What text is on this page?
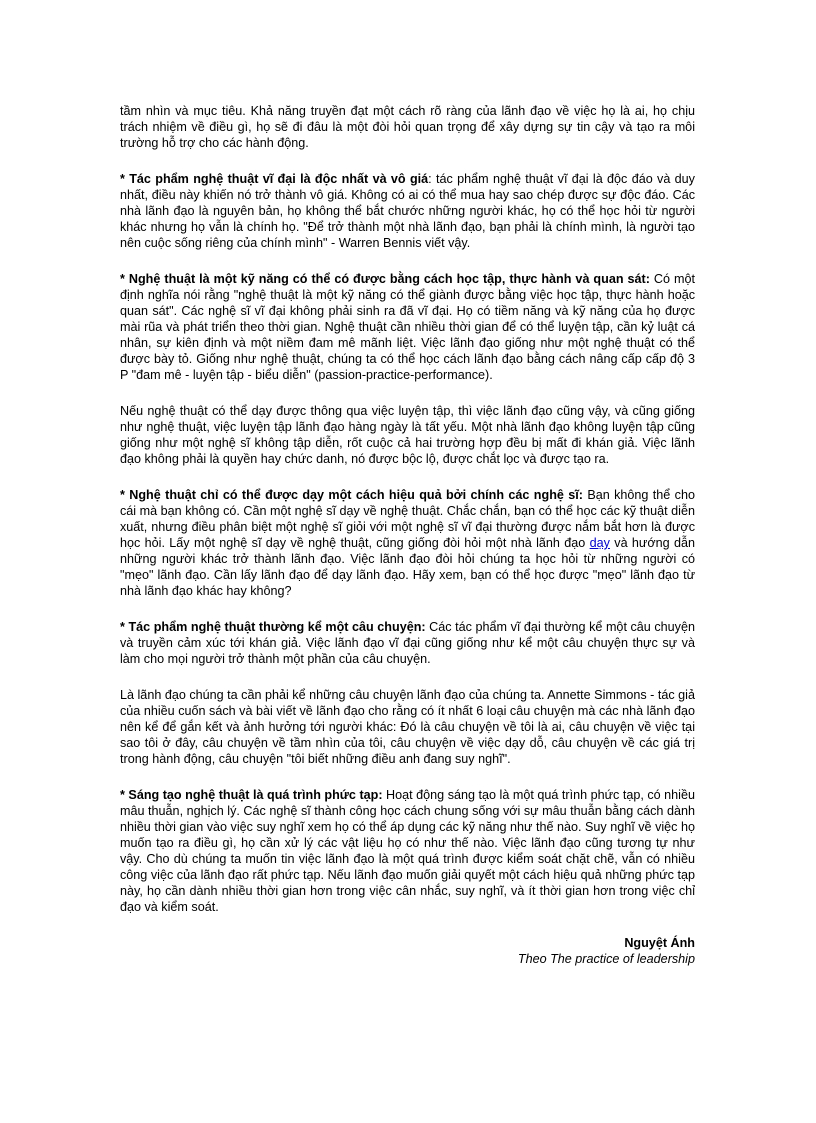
tầm nhìn và mục tiêu. Khả năng truyền đạt một cách rõ ràng của lãnh đạo về việc họ là ai, họ chịu trách nhiệm về điều gì, họ sẽ đi đâu là một đòi hỏi quan trọng để xây dựng sự tin cậy và tạo ra môi trường hỗ trợ cho các hành động.

* Tác phẩm nghệ thuật vĩ đại là độc nhất và vô giá: tác phẩm nghệ thuật vĩ đại là độc đáo và duy nhất, điều này khiến nó trở thành vô giá. Không có ai có thể mua hay sao chép được sự độc đáo. Các nhà lãnh đạo là nguyên bản, họ không thể bắt chước những người khác, họ có thể học hỏi từ người khác nhưng họ vẫn là chính họ. "Để trở thành một nhà lãnh đạo, bạn phải là chính mình, là người tạo nên cuộc sống riêng của chính mình" - Warren Bennis viết vậy.

* Nghệ thuật là một kỹ năng có thể có được bằng cách học tập, thực hành và quan sát: Có một định nghĩa nói rằng "nghệ thuật là một kỹ năng có thể giành được bằng việc học tập, thực hành hoặc quan sát". Các nghệ sĩ vĩ đại không phải sinh ra đã vĩ đại. Họ có tiềm năng và kỹ năng của họ được mài rũa và phát triển theo thời gian. Nghệ thuật cần nhiều thời gian để có thể luyện tập, cần kỷ luật cá nhân, sự kiên định và một niềm đam mê mãnh liệt. Việc lãnh đạo giống như một nghệ thuật có thể được bày tỏ. Giống như nghệ thuật, chúng ta có thể học cách lãnh đạo bằng cách nâng cấp cấp độ 3 P "đam mê - luyện tập - biểu diễn" (passion-practice-performance).

Nếu nghệ thuật có thể dạy được thông qua việc luyện tập, thì việc lãnh đạo cũng vậy, và cũng giống như nghệ thuật, việc luyện tập lãnh đạo hàng ngày là tất yếu. Một nhà lãnh đạo không luyện tập cũng giống như một nghệ sĩ không tập diễn, rốt cuộc cả hai trường hợp đều bị mất đi khán giả. Việc lãnh đạo không phải là quyền hay chức danh, nó được bộc lộ, được chắt lọc và được tạo ra.

* Nghệ thuật chỉ có thể được dạy một cách hiệu quả bởi chính các nghệ sĩ: Bạn không thể cho cái mà bạn không có. Cần một nghệ sĩ dạy về nghệ thuật. Chắc chắn, bạn có thể học các kỹ thuật diễn xuất, nhưng điều phân biệt một nghệ sĩ giỏi với một nghệ sĩ vĩ đại thường được nắm bắt hơn là được học hỏi. Lấy một nghệ sĩ dạy về nghệ thuật, cũng giống đòi hỏi một nhà lãnh đạo dạy và hướng dẫn những người khác trở thành lãnh đạo. Việc lãnh đạo đòi hỏi chúng ta học hỏi từ những người có "mẹo" lãnh đạo. Cần lấy lãnh đạo để dạy lãnh đạo. Hãy xem, bạn có thể học được "mẹo" lãnh đạo từ nhà lãnh đạo khác hay không?

* Tác phẩm nghệ thuật thường kể một câu chuyện: Các tác phẩm vĩ đại thường kể một câu chuyện và truyền cảm xúc tới khán giả. Việc lãnh đạo vĩ đại cũng giống như kể một câu chuyện thực sự và làm cho mọi người trở thành một phần của câu chuyện.

Là lãnh đạo chúng ta cần phải kể những câu chuyện lãnh đạo của chúng ta. Annette Simmons - tác giả của nhiều cuốn sách và bài viết về lãnh đạo cho rằng có ít nhất 6 loại câu chuyện mà các nhà lãnh đạo nên kể để gắn kết và ảnh hưởng tới người khác: Đó là câu chuyện về tôi là ai, câu chuyện về việc tại sao tôi ở đây, câu chuyện về tầm nhìn của tôi, câu chuyện về việc dạy dỗ, câu chuyện về các giá trị trong hành động, câu chuyện "tôi biết những điều anh đang suy nghĩ".

* Sáng tạo nghệ thuật là quá trình phức tạp: Hoạt động sáng tạo là một quá trình phức tạp, có nhiều mâu thuẫn, nghịch lý. Các nghệ sĩ thành công học cách chung sống với sự mâu thuẫn bằng cách dành nhiều thời gian vào việc suy nghĩ xem họ có thể áp dụng các kỹ năng như thế nào. Suy nghĩ về việc họ muốn tạo ra điều gì, họ cần xử lý các vật liệu họ có như thế nào. Việc lãnh đạo cũng tương tự như vậy. Cho dù chúng ta muốn tin việc lãnh đạo là một quá trình được kiểm soát chặt chẽ, vẫn có nhiều công việc của lãnh đạo rất phức tạp. Nếu lãnh đạo muốn giải quyết một cách hiệu quả những phức tạp này, họ cần dành nhiều thời gian hơn trong việc cân nhắc, suy nghĩ, và ít thời gian hơn trong việc chỉ đạo và kiểm soát.

Nguyệt Ánh
Theo The practice of leadership
